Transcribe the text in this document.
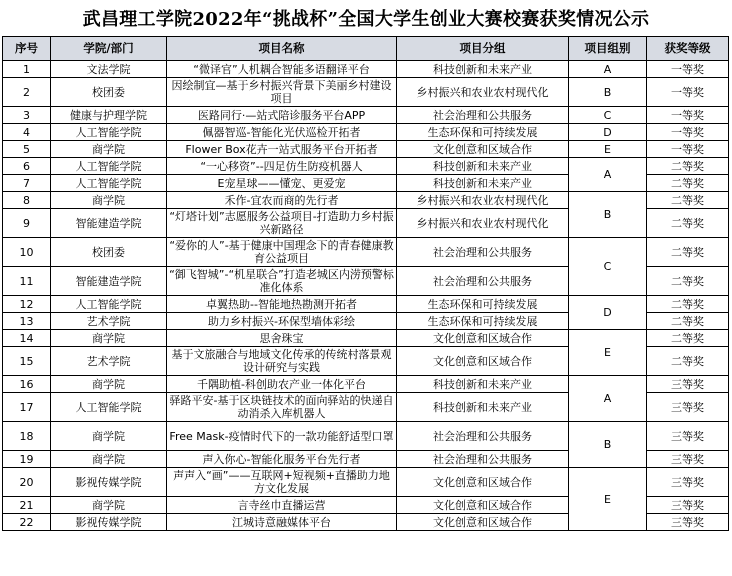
武昌理工学院2022年“挑战杯”全国大学生创业大赛校赛获奖情况公示
序号	学院/部门	项目名称	项目分组	项目组别	获奖等级
1	文法学院	“微译官”人机耦合智能多语翻译平台	科技创新和未来产业	A	一等奖
2	校团委	因绘制宜—基于乡村振兴背景下美丽乡村建设项目	乡村振兴和农业农村现代化	B	一等奖
3	健康与护理学院	医路同行·—站式陪诊服务平台APP	社会治理和公共服务	C	一等奖
4	人工智能学院	佩器智巡-智能化光伏巡检开拓者	生态环保和可持续发展	D	一等奖
5	商学院	Flower Box花卉一站式服务平台开拓者	文化创意和区域合作	E	一等奖
6	人工智能学院	“一心移资”--四足仿生防疫机器人	科技创新和未来产业	A	二等奖
7	人工智能学院	E宠星球——懂宠、更爱宠	科技创新和未来产业		二等奖
8	商学院	禾作-宜农而商的先行者	乡村振兴和农业农村现代化	B	二等奖
9	智能建造学院	“灯塔计划”志愿服务公益项目-打造助力乡村振兴新路径	乡村振兴和农业农村现代化		二等奖
10	校团委	“爱你的人”-基于健康中国理念下的青春健康教育公益项目	社会治理和公共服务	C	二等奖
11	智能建造学院	“御飞智城”-“机星联合”打造老城区内涝预警标准化体系	社会治理和公共服务		二等奖
12	人工智能学院	卓翼热助--智能地热勘测开拓者	生态环保和可持续发展	D	二等奖
13	艺术学院	助力乡村振兴-环保型墙体彩绘	生态环保和可持续发展		二等奖
14	商学院	思舍珠宝	文化创意和区域合作	E	二等奖
15	艺术学院	基于文旅融合与地域文化传承的传统村落景观设计研究与实践	文化创意和区域合作		二等奖
16	商学院	千隅助植-科创助农产业一体化平台	科技创新和未来产业	A	三等奖
17	人工智能学院	驿路平安-基于区块链技术的面向驿站的快递自动消杀入库机器人	科技创新和未来产业		三等奖
18	商学院	Free Mask-疫情时代下的一款功能舒适型口罩	社会治理和公共服务	B	三等奖
19	商学院	声入你心-智能化服务平台先行者	社会治理和公共服务		三等奖
20	影视传媒学院	声声入“画”——互联网+短视频+直播助力地方文化发展	文化创意和区域合作	E	三等奖
21	商学院	言寺丝巾直播运营	文化创意和区域合作		三等奖
22	影视传媒学院	江城诗意融媒体平台	文化创意和区域合作		三等奖
